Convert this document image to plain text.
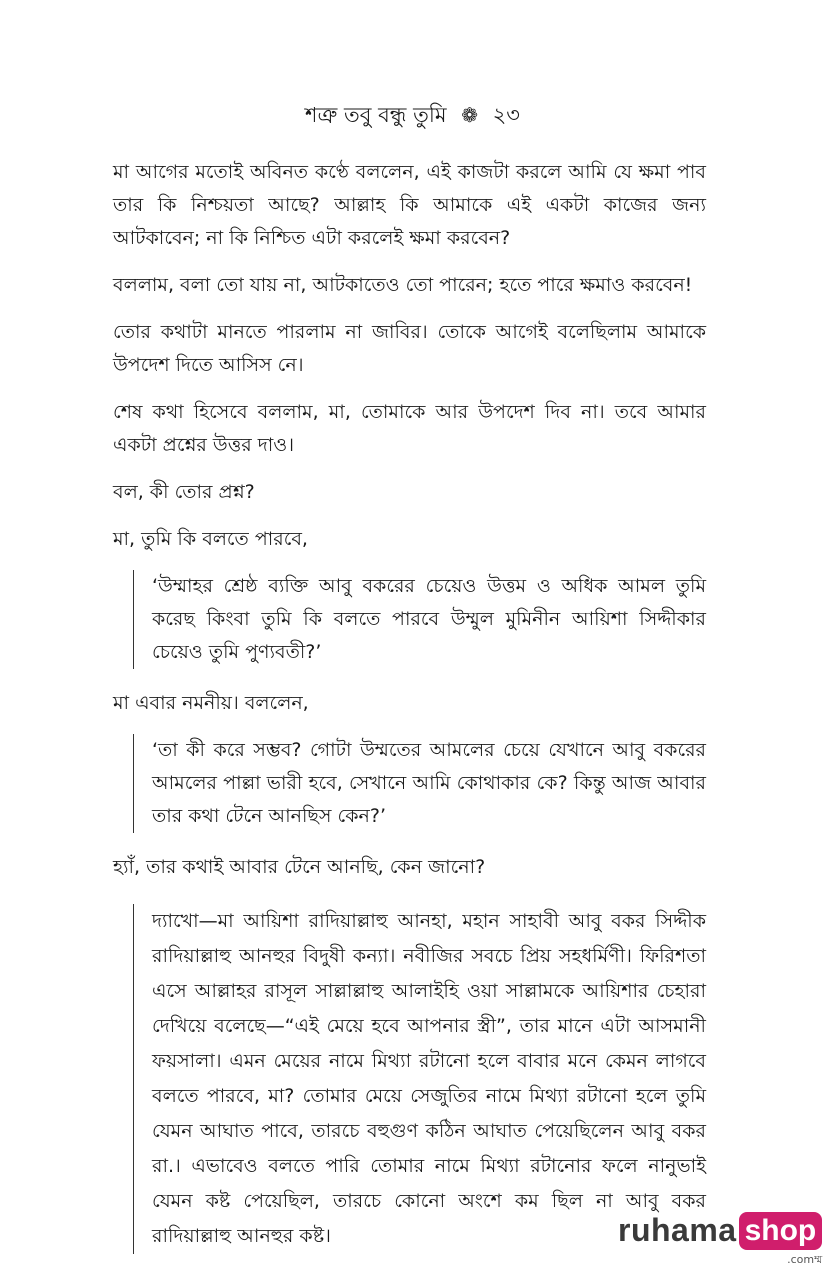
শত্রু তবু বন্ধু তুমি ❁ ২৩

মা আগের মতোই অবিনত কণ্ঠে বললেন, এই কাজটা করলে আমি যে ক্ষমা পাব তার কি নিশ্চয়তা আছে? আল্লাহ কি আমাকে এই একটা কাজের জন্য আটকাবেন; না কি নিশ্চিত এটা করলেই ক্ষমা করবেন?

বললাম, বলা তো যায় না, আটকাতেও তো পারেন; হতে পারে ক্ষমাও করবেন!

তোর কথাটা মানতে পারলাম না জাবির। তোকে আগেই বলেছিলাম আমাকে উপদেশ দিতে আসিস নে।

শেষ কথা হিসেবে বললাম, মা, তোমাকে আর উপদেশ দিব না। তবে আমার একটা প্রশ্নের উত্তর দাও।

বল, কী তোর প্রশ্ন?

মা, তুমি কি বলতে পারবে,

‘উম্মাহর শ্রেষ্ঠ ব্যক্তি আবু বকরের চেয়েও উত্তম ও অধিক আমল তুমি করেছ কিংবা তুমি কি বলতে পারবে উম্মুল মুমিনীন আয়িশা সিদ্দীকার চেয়েও তুমি পুণ্যবতী?’

মা এবার নমনীয়। বললেন,

‘তা কী করে সম্ভব? গোটা উম্মতের আমলের চেয়ে যেখানে আবু বকরের আমলের পাল্লা ভারী হবে, সেখানে আমি কোথাকার কে? কিন্তু আজ আবার তার কথা টেনে আনছিস কেন?’

হ্যাঁ, তার কথাই আবার টেনে আনছি, কেন জানো?

দ্যাখো—মা আয়িশা রাদিয়াল্লাহু আনহা, মহান সাহাবী আবু বকর সিদ্দীক রাদিয়াল্লাহু আনহুর বিদুষী কন্যা। নবীজির সবচে প্রিয় সহধর্মিণী। ফিরিশতা এসে আল্লাহর রাসূল সাল্লাল্লাহু আলাইহি ওয়া সাল্লামকে আয়িশার চেহারা দেখিয়ে বলেছে—“এই মেয়ে হবে আপনার স্ত্রী”, তার মানে এটা আসমানী ফয়সালা। এমন মেয়ের নামে মিথ্যা রটানো হলে বাবার মনে কেমন লাগবে বলতে পারবে, মা? তোমার মেয়ে সেজুতির নামে মিথ্যা রটানো হলে তুমি যেমন আঘাত পাবে, তারচে বহুগুণ কঠিন আঘাত পেয়েছিলেন আবু বকর রা.। এভাবেও বলতে পারি তোমার নামে মিথ্যা রটানোর ফলে নানুভাই যেমন কষ্ট পেয়েছিল, তারচে কোনো অংশে কম ছিল না আবু বকর রাদিয়াল্লাহু আনহুর কষ্ট।	ruhama shop
.comম্ম
